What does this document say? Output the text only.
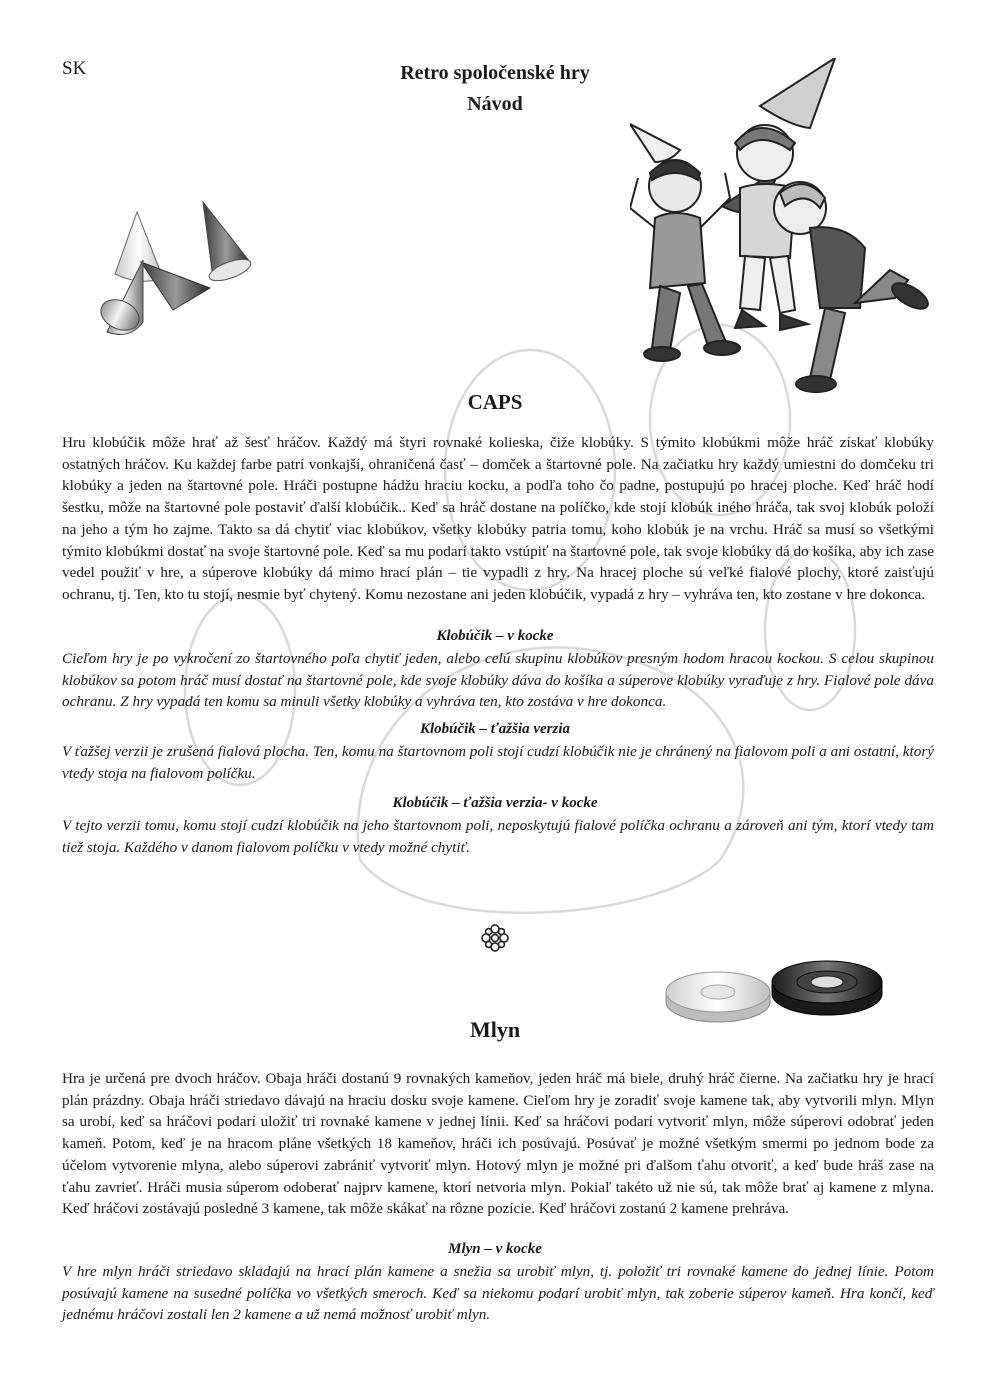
SK	Retro spoločenské hry
Návod
CAPS
Hru klobúčik môže hrať až šesť hráčov. Každý má štyri rovnaké kolieska, čiže klobúky. S týmito klobúkmi môže hráč získať klobúky ostatných hráčov. Ku každej farbe patrí vonkajší, ohraničená časť – domček a štartovné pole. Na začiatku hry každý umiestni do domčeku tri klobúky a jeden na štartovné pole. Hráči postupne hádžu hraciu kocku, a podľa toho čo padne, postupujú po hracej ploche. Keď hráč hodí šestku, môže na štartovné pole postaviť ďalší klobúčik.. Keď sa hráč dostane na políčko, kde stojí klobúk iného hráča, tak svoj klobúk položí na jeho a tým ho zajme. Takto sa dá chytiť viac klobúkov, všetky klobúky patria tomu, koho klobúk je na vrchu. Hráč sa musí so všetkými týmito klobúkmi dostať na svoje štartovné pole. Keď sa mu podarí takto vstúpiť na štartovné pole, tak svoje klobúky dá do košíka, aby ich zase vedel použiť v hre, a súperove klobúky dá mimo hrací plán – tie vypadli z hry. Na hracej ploche sú veľké fialové plochy, ktoré zaisťujú ochranu, tj. Ten, kto tu stojí, nesmie byť chytený. Komu nezostane ani jeden klobúčik, vypadá z hry – vyhráva ten, kto zostane v hre dokonca.
Klobúčik – v kocke
Cieľom hry je po vykročení zo štartovného poľa chytiť jeden, alebo celú skupinu klobúkov presným hodom hracou kockou. S celou skupinou klobúkov sa potom hráč musí dostať na štartovné pole, kde svoje klobúky dáva do košíka a súperove klobúky vyraďuje z hry. Fialové pole dáva ochranu. Z hry vypadá ten komu sa minuli všetky klobúky a vyhráva ten, kto zostáva v hre dokonca.
Klobúčik – ťažšia verzia
V ťažšej verzii je zrušená fialová plocha. Ten, komu na štartovnom poli stojí cudzí klobúčik nie je chránený na fialovom poli a ani ostatní, ktorý vtedy stoja na fialovom políčku.
Klobúčik – ťažšia verzia- v kocke
V tejto verzii tomu, komu stojí cudzí klobúčik na jeho štartovnom poli, neposkytujú fialové políčka ochranu a zároveň ani tým, ktorí vtedy tam tiež stoja. Každého v danom fialovom políčku v vtedy možné chytiť.
Mlyn
Hra je určená pre dvoch hráčov. Obaja hráči dostanú 9 rovnakých kameňov, jeden hráč má biele, druhý hráč čierne. Na začiatku hry je hrací plán prázdny. Obaja hráči striedavo dávajú na hraciu dosku svoje kamene. Cieľom hry je zoradiť svoje kamene tak, aby vytvorili mlyn. Mlyn sa urobí, keď sa hráčovi podarí uložiť tri rovnaké kamene v jednej línii. Keď sa hráčovi podarí vytvoriť mlyn, môže súperovi odobrať jeden kameň. Potom, keď je na hracom pláne všetkých 18 kameňov, hráči ich posúvajú. Posúvať je možné všetkým smermi po jednom bode za účelom vytvorenie mlyna, alebo súperovi zabrániť vytvoriť mlyn. Hotový mlyn je možné pri ďalšom ťahu otvoriť, a keď bude hráš zase na ťahu zavrieť. Hráči musia súperom odoberať najprv kamene, ktorí netvoria mlyn. Pokiaľ takéto už nie sú, tak môže brať aj kamene z mlyna. Keď hráčovi zostávajú posledné 3 kamene, tak môže skákať na rôzne pozície. Keď hráčovi zostanú 2 kamene prehráva.
Mlyn – v kocke
V hre mlyn hráči striedavo skladajú na hrací plán kamene a snežia sa urobiť mlyn, tj. položiť tri rovnaké kamene do jednej línie. Potom posúvajú kamene na susedné políčka vo všetkých smeroch. Keď sa niekomu podarí urobiť mlyn, tak zoberie súperov kameň. Hra končí, keď jednému hráčovi zostali len 2 kamene a už nemá možnosť urobiť mlyn.
